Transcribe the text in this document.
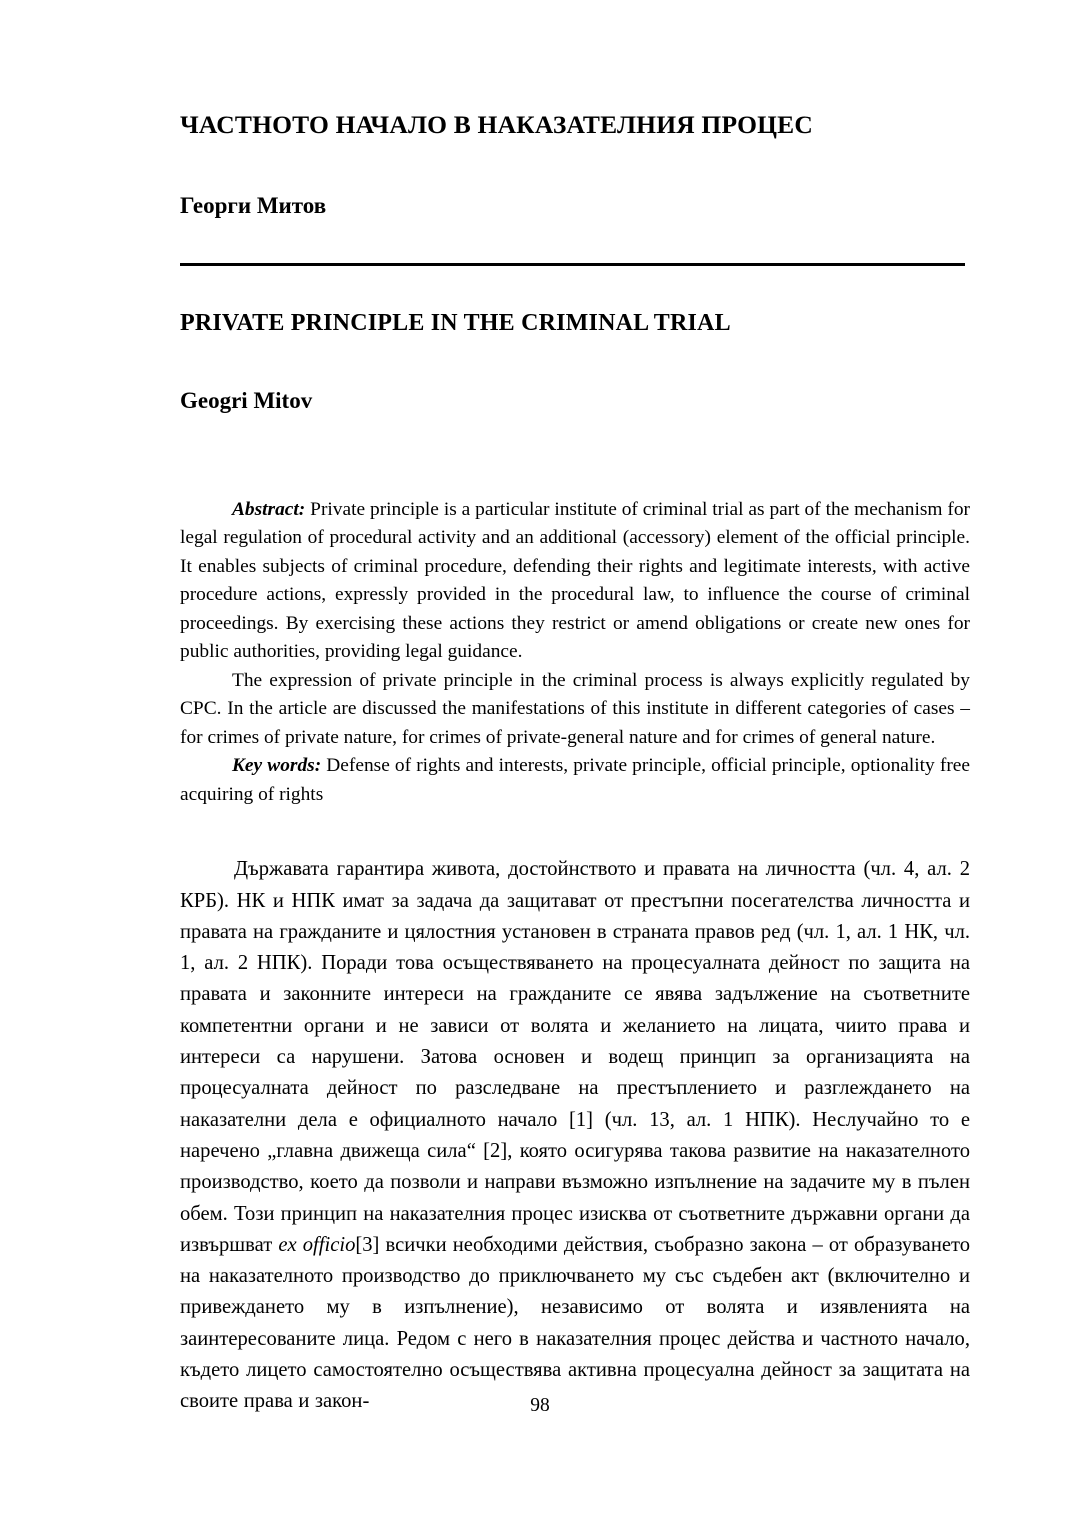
ЧАСТНОТО НАЧАЛО В НАКАЗАТЕЛНИЯ ПРОЦЕС
Георги Митов
PRIVATE PRINCIPLE IN THE CRIMINAL TRIAL
Geogri Mitov

Abstract: Private principle is a particular institute of criminal trial as part of the mechanism for legal regulation of procedural activity and an additional (accessory) element of the official principle. It enables subjects of criminal procedure, defending their rights and legitimate interests, with active procedure actions, expressly provided in the procedural law, to influence the course of criminal proceedings. By exercising these actions they restrict or amend obligations or create new ones for public authorities, providing legal guidance.

The expression of private principle in the criminal process is always explicitly regulated by CPC. In the article are discussed the manifestations of this institute in different categories of cases – for crimes of private nature, for crimes of private-general nature and for crimes of general nature.

Key words: Defense of rights and interests, private principle, official principle, optionality free acquiring of rights

Държавата гарантира живота, достойнството и правата на личността (чл. 4, ал. 2 КРБ). НК и НПК имат за задача да защитават от престъпни посегателства личността и правата на гражданите и цялостния установен в страната правов ред (чл. 1, ал. 1 НК, чл. 1, ал. 2 НПК). Поради това осъществяването на процесуалната дейност по защита на правата и законните интереси на гражданите се явява задължение на съответните компетентни органи и не зависи от волята и желанието на лицата, чиито права и интереси са нарушени. Затова основен и водещ принцип за организацията на процесуалната дейност по разследване на престъплението и разглеждането на наказателни дела е официалното начало [1] (чл. 13, ал. 1 НПК). Неслучайно то е наречено „главна движеща сила“ [2], която осигурява такова развитие на наказателното производство, което да позволи и направи възможно изпълнение на задачите му в пълен обем. Този принцип на наказателния процес изисква от съответните държавни органи да извършват ex officio[3] всички необходими действия, съобразно закона – от образуването на наказателното производство до приключването му със съдебен акт (включително и привеждането му в изпълнение), независимо от волята и изявленията на заинтересованите лица. Редом с него в наказателния процес действа и частното начало, където лицето самостоятелно осъществява активна процесуална дейност за защитата на своите права и закон-	98
